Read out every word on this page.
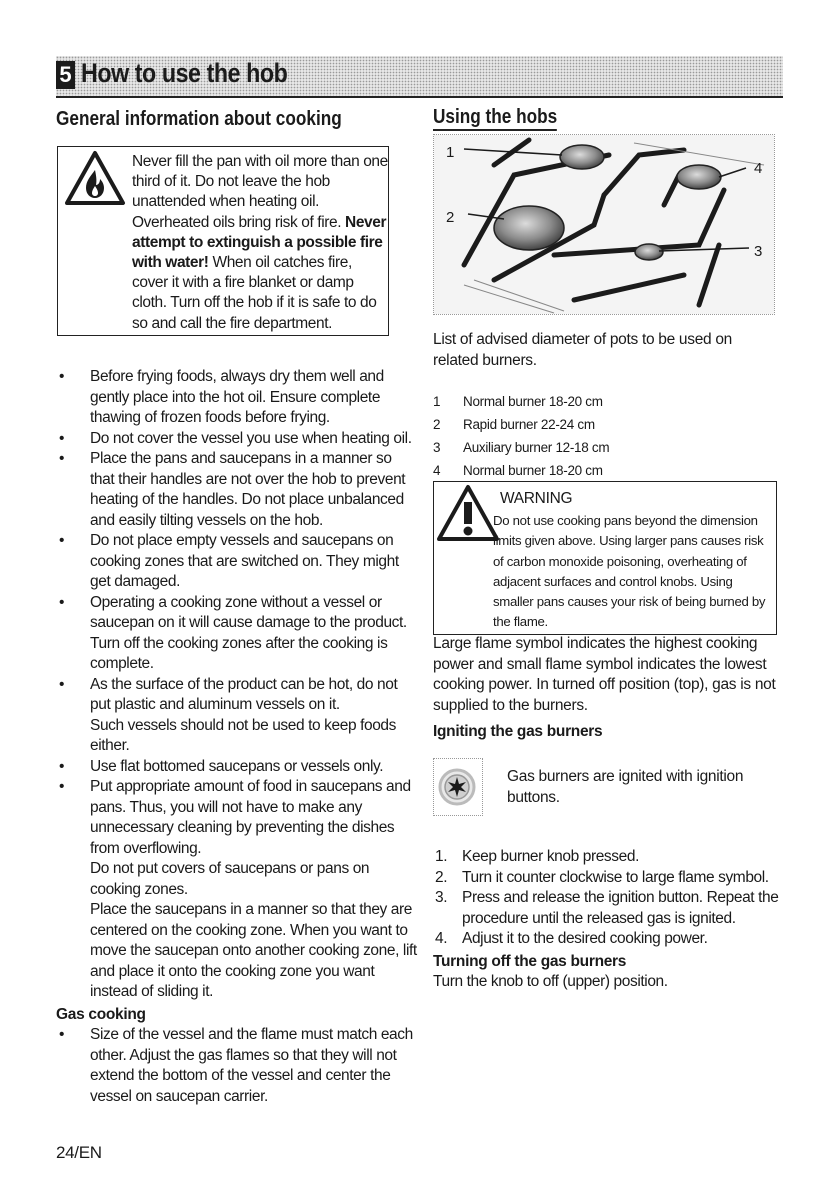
5 How to use the hob
General information about cooking
Never fill the pan with oil more than one third of it. Do not leave the hob unattended when heating oil. Overheated oils bring risk of fire. Never attempt to extinguish a possible fire with water! When oil catches fire, cover it with a fire blanket or damp cloth. Turn off the hob if it is safe to do so and call the fire department.
• Before frying foods, always dry them well and gently place into the hot oil. Ensure complete thawing of frozen foods before frying.

• Do not cover the vessel you use when heating oil.

• Place the pans and saucepans in a manner so that their handles are not over the hob to prevent heating of the handles. Do not place unbalanced and easily tilting vessels on the hob.

• Do not place empty vessels and saucepans on cooking zones that are switched on. They might get damaged.

• Operating a cooking zone without a vessel or saucepan on it will cause damage to the product. Turn off the cooking zones after the cooking is complete.

• As the surface of the product can be hot, do not put plastic and aluminum vessels on it.

Such vessels should not be used to keep foods either.

• Use flat bottomed saucepans or vessels only.

• Put appropriate amount of food in saucepans and pans. Thus, you will not have to make any unnecessary cleaning by preventing the dishes from overflowing.

Do not put covers of saucepans or pans on cooking zones.

Place the saucepans in a manner so that they are centered on the cooking zone. When you want to move the saucepan onto another cooking zone, lift and place it onto the cooking zone you want instead of sliding it.

Gas cooking
• Size of the vessel and the flame must match each other. Adjust the gas flames so that they will not extend the bottom of the vessel and center the vessel on saucepan carrier.

Using the hobs
1
2
3
4
List of advised diameter of pots to be used on related burners.
1 Normal burner 18-20 cm
2 Rapid burner 22-24 cm
3 Auxiliary burner 12-18 cm
4 Normal burner 18-20 cm
WARNING
Do not use cooking pans beyond the dimension limits given above. Using larger pans causes risk of carbon monoxide poisoning, overheating of adjacent surfaces and control knobs. Using smaller pans causes your risk of being burned by the flame.
Large flame symbol indicates the highest cooking power and small flame symbol indicates the lowest cooking power. In turned off position (top), gas is not supplied to the burners.
Igniting the gas burners
Gas burners are ignited with ignition buttons.
1. Keep burner knob pressed.
2. Turn it counter clockwise to large flame symbol.
3. Press and release the ignition button. Repeat the procedure until the released gas is ignited.
4. Adjust it to the desired cooking power.
Turning off the gas burners
Turn the knob to off (upper) position.
24/EN
